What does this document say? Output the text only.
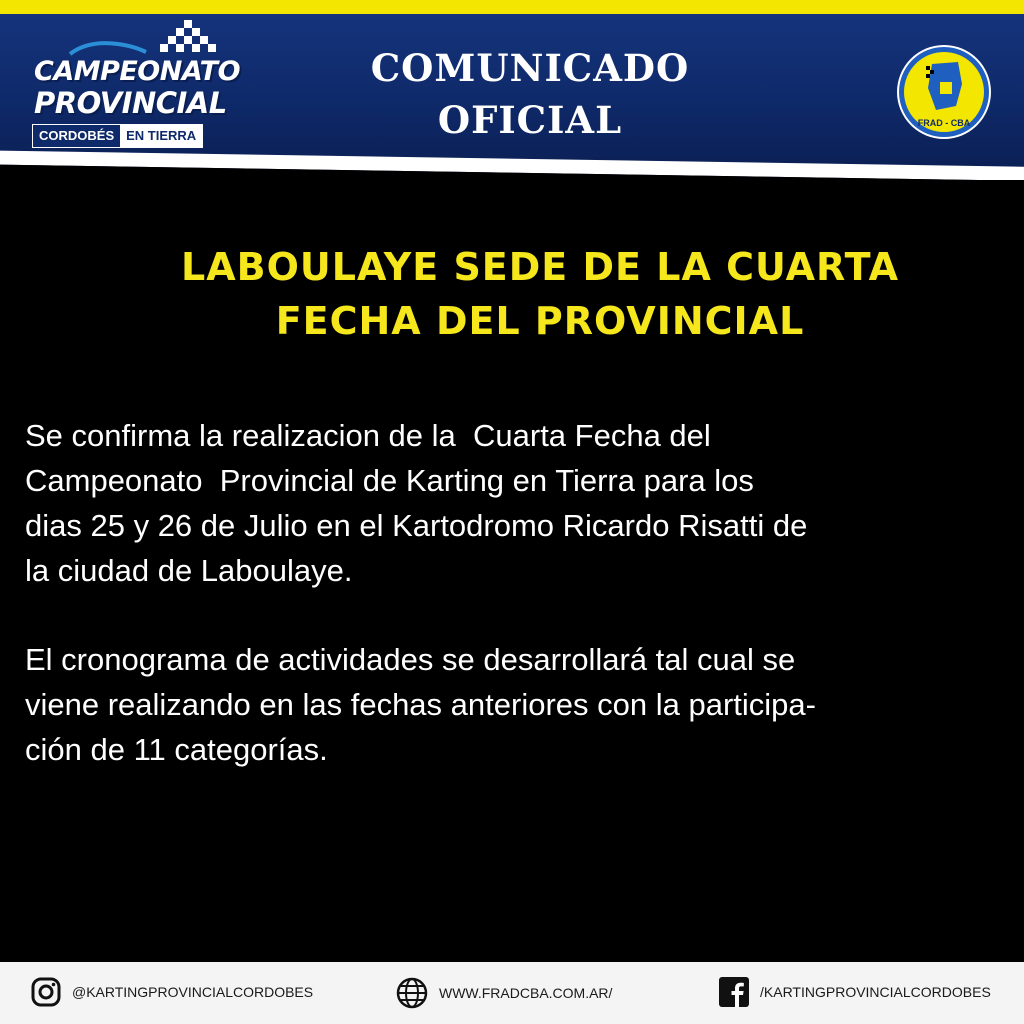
CAMPEONATO
PROVINCIAL
CORDOBÉS EN TIERRA
COMUNICADO
OFICIAL	FRAD - CBA
LABOULAYE SEDE DE LA CUARTA
FECHA DEL PROVINCIAL

Se confirma la realizacion de la  Cuarta Fecha del
Campeonato  Provincial de Karting en Tierra para los
dias 25 y 26 de Julio en el Kartodromo Ricardo Risatti de
la ciudad de Laboulaye.

El cronograma de actividades se desarrollará tal cual se
viene realizando en las fechas anteriores con la participa-
ción de 11 categorías.

@KARTINGPROVINCIALCORDOBES	WWW.FRADCBA.COM.AR/	/KARTINGPROVINCIALCORDOBES
